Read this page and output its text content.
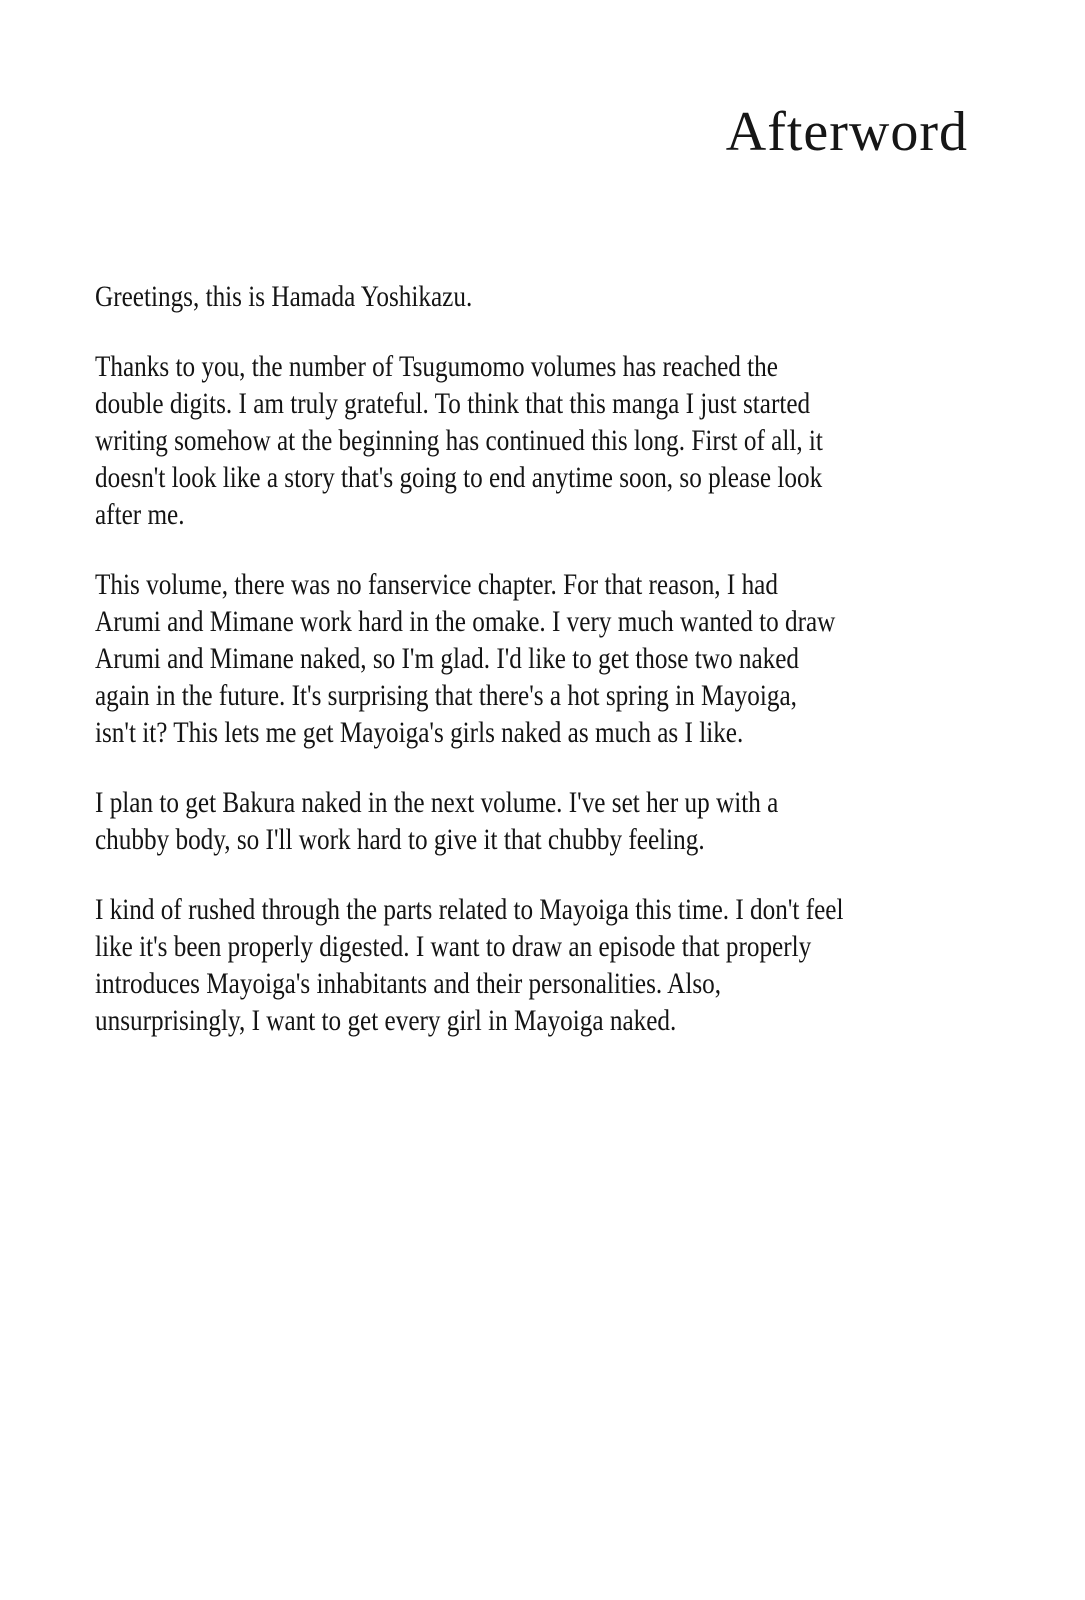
Afterword
Greetings, this is Hamada Yoshikazu.
Thanks to you, the number of Tsugumomo volumes has reached the
double digits. I am truly grateful. To think that this manga I just started
writing somehow at the beginning has continued this long. First of all, it
doesn't look like a story that's going to end anytime soon, so please look
after me.
This volume, there was no fanservice chapter. For that reason, I had
Arumi and Mimane work hard in the omake. I very much wanted to draw
Arumi and Mimane naked, so I'm glad. I'd like to get those two naked
again in the future. It's surprising that there's a hot spring in Mayoiga,
isn't it? This lets me get Mayoiga's girls naked as much as I like.
I plan to get Bakura naked in the next volume. I've set her up with a
chubby body, so I'll work hard to give it that chubby feeling.
I kind of rushed through the parts related to Mayoiga this time. I don't feel
like it's been properly digested. I want to draw an episode that properly
introduces Mayoiga's inhabitants and their personalities. Also,
unsurprisingly, I want to get every girl in Mayoiga naked.
